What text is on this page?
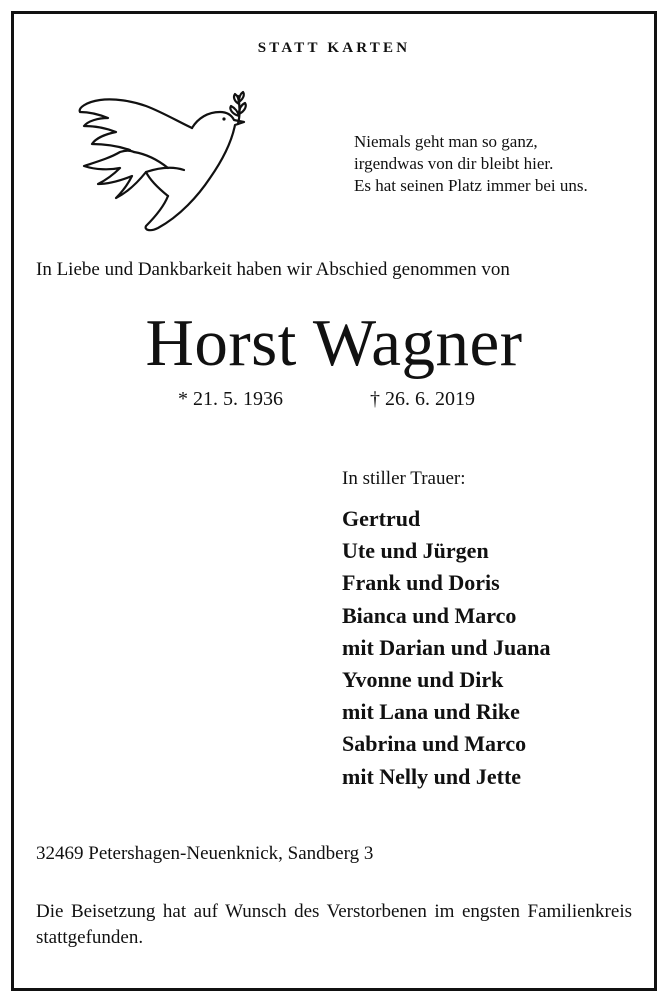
STATT KARTEN
Niemals geht man so ganz,
irgendwas von dir bleibt hier.
Es hat seinen Platz immer bei uns.
In Liebe und Dankbarkeit haben wir Abschied genommen von
Horst Wagner
* 21. 5. 1936	† 26. 6. 2019
In stiller Trauer:
Gertrud
Ute und Jürgen
Frank und Doris
Bianca und Marco
mit Darian und Juana
Yvonne und Dirk
mit Lana und Rike
Sabrina und Marco
mit Nelly und Jette
32469 Petershagen-Neuenknick, Sandberg 3
Die Beisetzung hat auf Wunsch des Verstorbenen im engsten Familienkreis stattgefunden.
